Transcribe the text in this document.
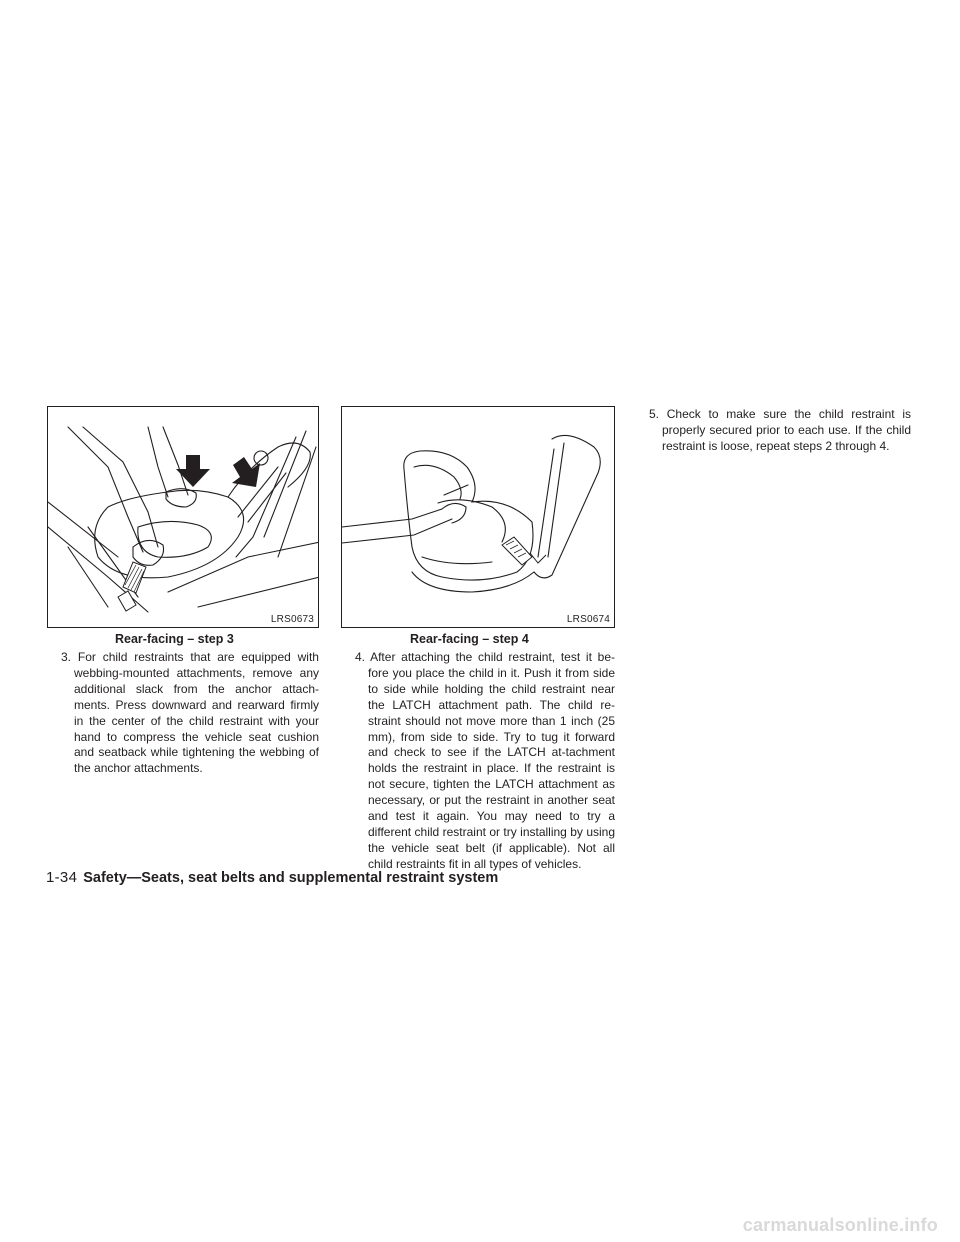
LRS0673
Rear-facing – step 3
LRS0674
Rear-facing – step 4

3. For child restraints that are equipped with webbing-mounted attachments, remove any additional slack from the anchor attach-ments. Press downward and rearward firmly in the center of the child restraint with your hand to compress the vehicle seat cushion and seatback while tightening the webbing of the anchor attachments.

4. After attaching the child restraint, test it be-fore you place the child in it. Push it from side to side while holding the child restraint near the LATCH attachment path. The child re-straint should not move more than 1 inch (25 mm), from side to side. Try to tug it forward and check to see if the LATCH at-tachment holds the restraint in place. If the restraint is not secure, tighten the LATCH attachment as necessary, or put the restraint in another seat and test it again. You may need to try a different child restraint or try installing by using the vehicle seat belt (if applicable). Not all child restraints fit in all types of vehicles.

5. Check to make sure the child restraint is properly secured prior to each use. If the child restraint is loose, repeat steps 2 through 4.

1-34 Safety—Seats, seat belts and supplemental restraint system
carmanualsonline.info
